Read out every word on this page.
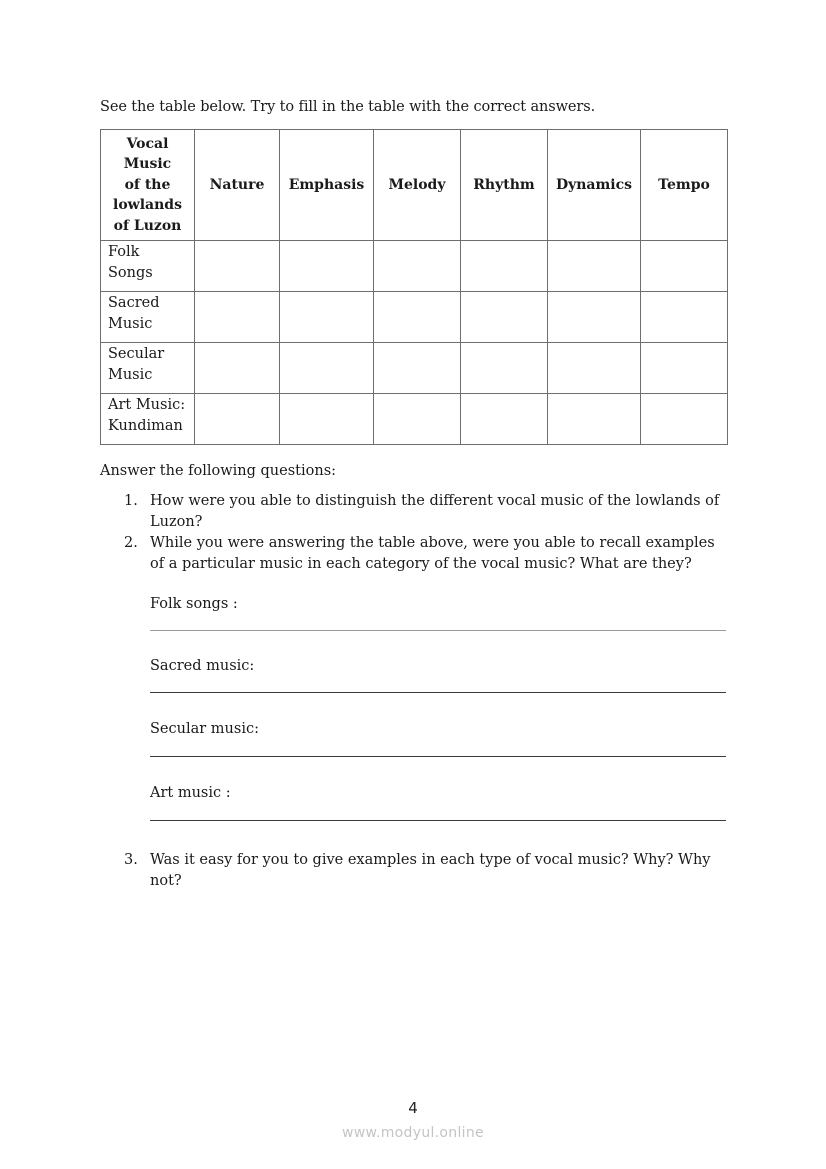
See the table below. Try to fill in the table with the correct answers.
Vocal
Music
of the
lowlands
of Luzon	Nature	Emphasis	Melody	Rhythm	Dynamics	Tempo

Folk
Songs						

Sacred
Music						

Secular
Music						

Art Music:
Kundiman						

Answer the following questions:
1. How were you able to distinguish the different vocal music of the lowlands of Luzon?
2. While you were answering the table above, were you able to recall examples of a particular music in each category of the vocal music? What are they?
Folk songs :
Sacred music:
Secular music:
Art music :
3. Was it easy for you to give examples in each type of vocal music? Why? Why not?
4
www.modyul.online
